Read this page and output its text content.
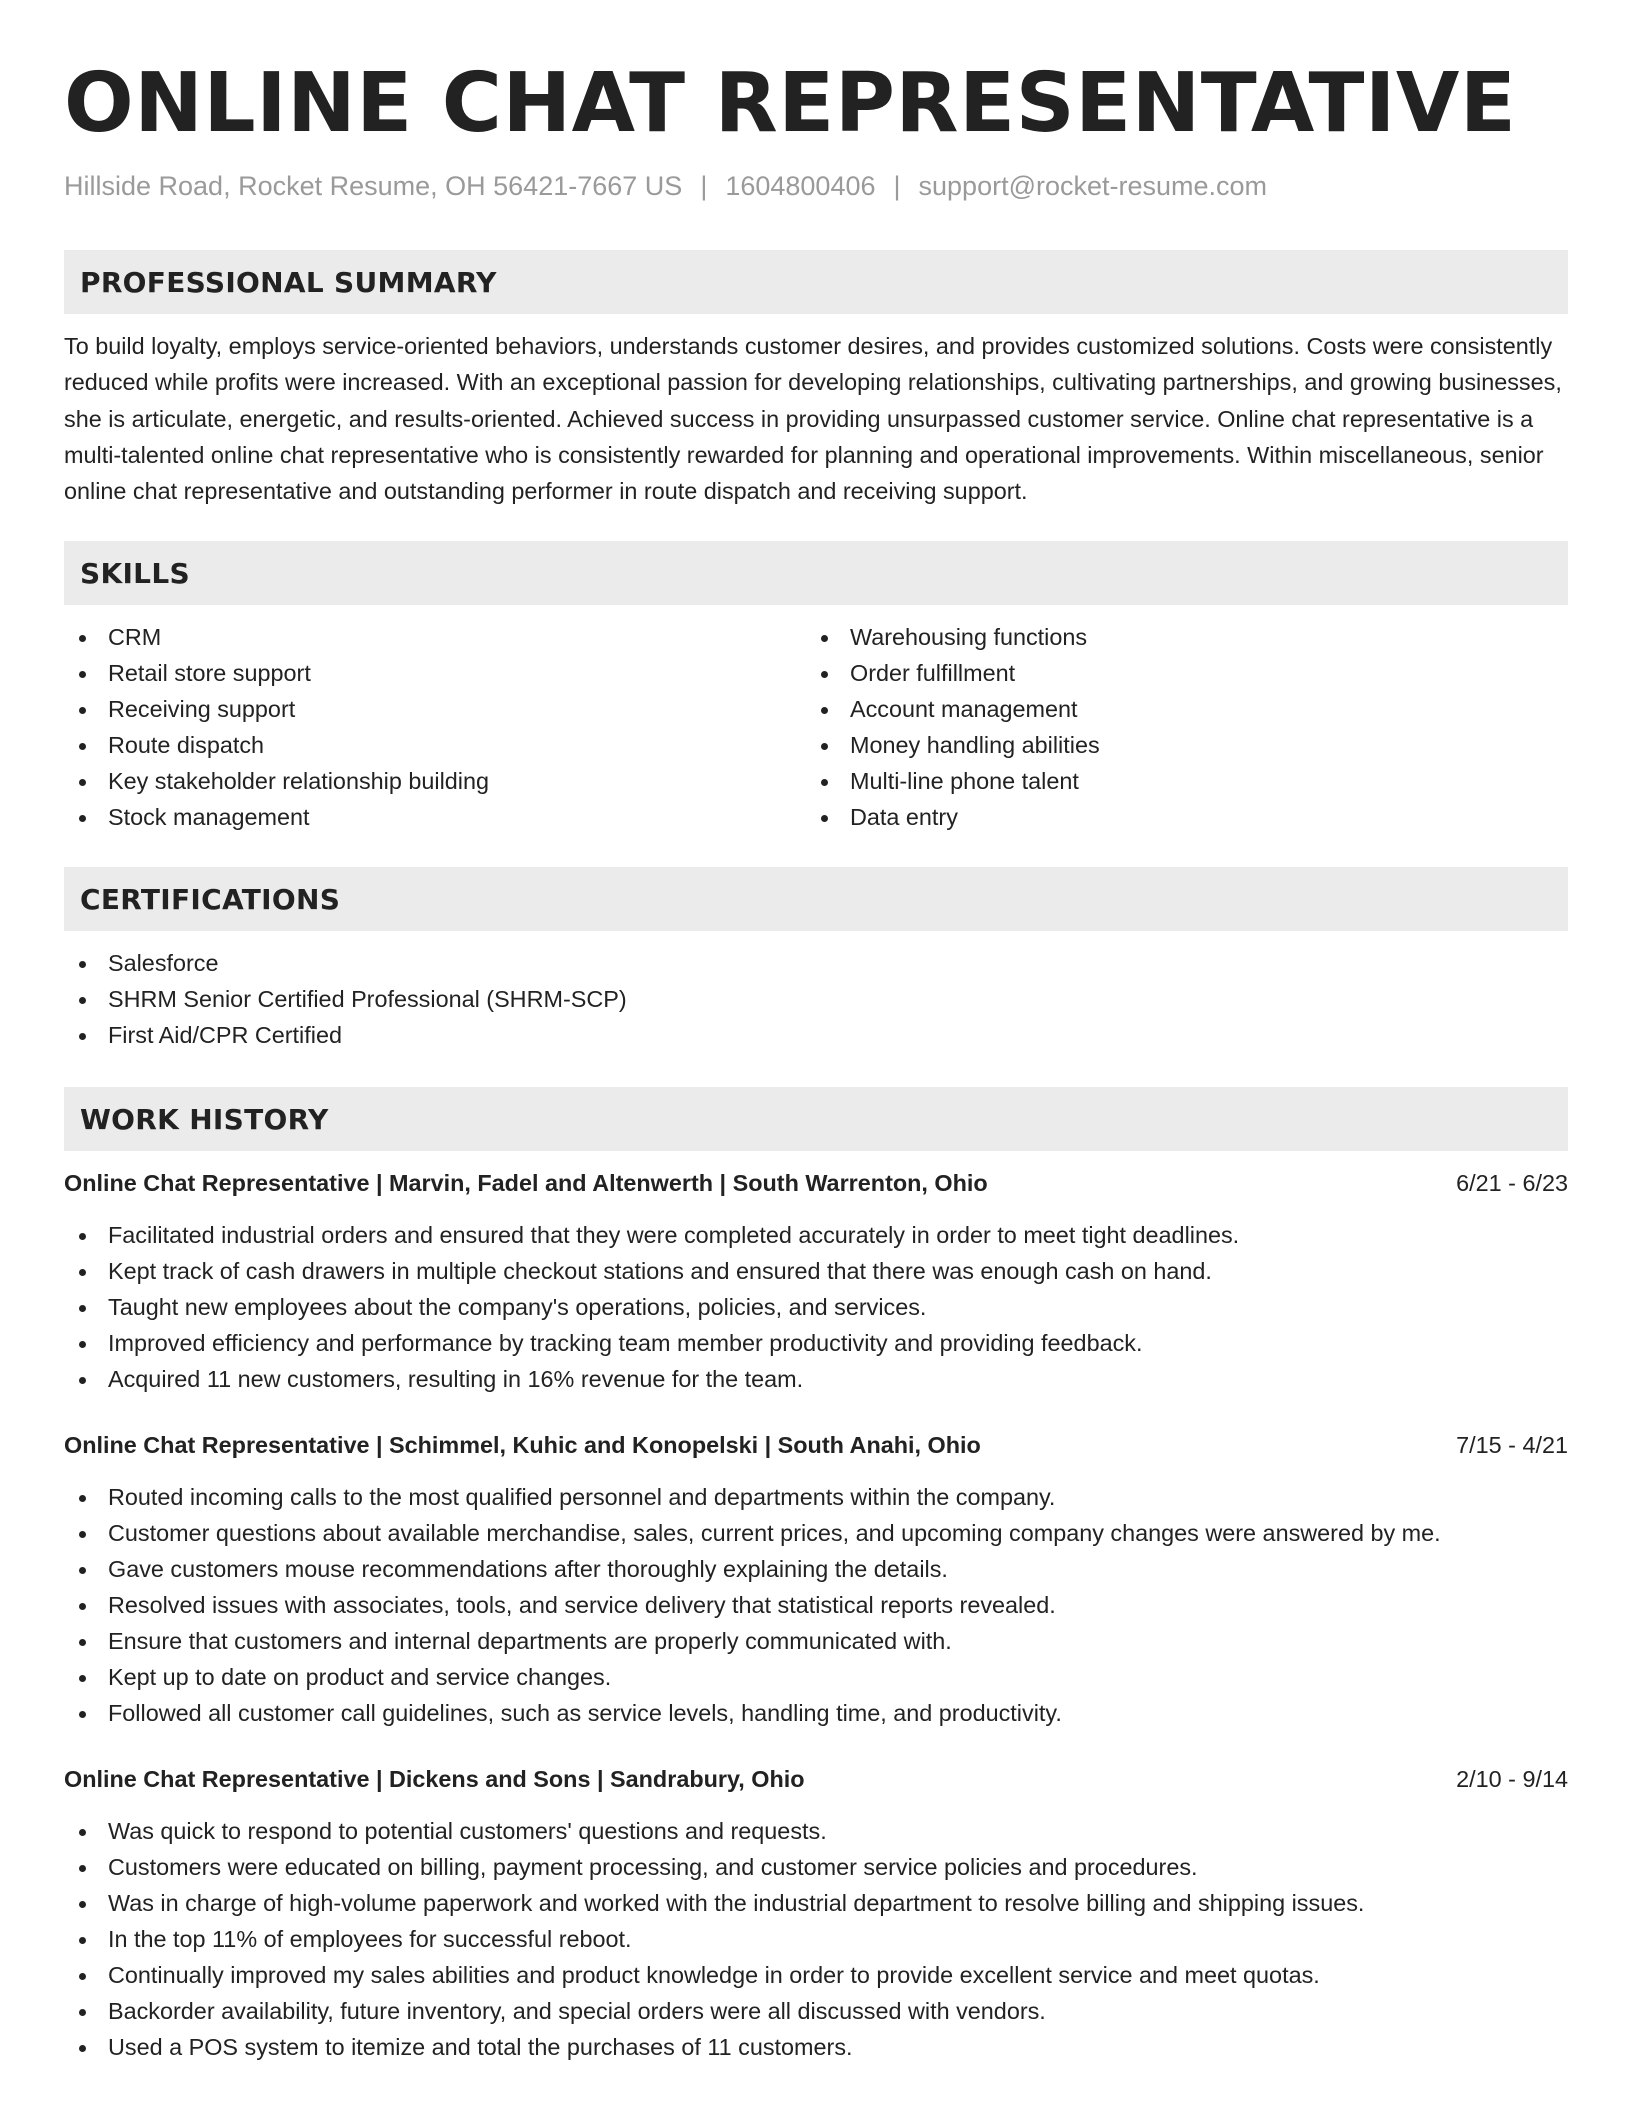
ONLINE CHAT REPRESENTATIVE
Hillside Road, Rocket Resume, OH 56421-7667 US | 1604800406 | support@rocket-resume.com
PROFESSIONAL SUMMARY

To build loyalty, employs service-oriented behaviors, understands customer desires, and provides customized solutions. Costs were consistently reduced while profits were increased. With an exceptional passion for developing relationships, cultivating partnerships, and growing businesses, she is articulate, energetic, and results-oriented. Achieved success in providing unsurpassed customer service. Online chat representative is a multi-talented online chat representative who is consistently rewarded for planning and operational improvements. Within miscellaneous, senior online chat representative and outstanding performer in route dispatch and receiving support.

SKILLS
CRM
Retail store support
Receiving support
Route dispatch
Key stakeholder relationship building
Stock management
Warehousing functions
Order fulfillment
Account management
Money handling abilities
Multi-line phone talent
Data entry
CERTIFICATIONS
Salesforce
SHRM Senior Certified Professional (SHRM-SCP)
First Aid/CPR Certified
WORK HISTORY
Online Chat Representative | Marvin, Fadel and Altenwerth | South Warrenton, Ohio	6/21 - 6/23
Facilitated industrial orders and ensured that they were completed accurately in order to meet tight deadlines.
Kept track of cash drawers in multiple checkout stations and ensured that there was enough cash on hand.
Taught new employees about the company's operations, policies, and services.
Improved efficiency and performance by tracking team member productivity and providing feedback.
Acquired 11 new customers, resulting in 16% revenue for the team.
Online Chat Representative | Schimmel, Kuhic and Konopelski | South Anahi, Ohio	7/15 - 4/21
Routed incoming calls to the most qualified personnel and departments within the company.
Customer questions about available merchandise, sales, current prices, and upcoming company changes were answered by me.
Gave customers mouse recommendations after thoroughly explaining the details.
Resolved issues with associates, tools, and service delivery that statistical reports revealed.
Ensure that customers and internal departments are properly communicated with.
Kept up to date on product and service changes.
Followed all customer call guidelines, such as service levels, handling time, and productivity.
Online Chat Representative | Dickens and Sons | Sandrabury, Ohio	2/10 - 9/14
Was quick to respond to potential customers' questions and requests.
Customers were educated on billing, payment processing, and customer service policies and procedures.
Was in charge of high-volume paperwork and worked with the industrial department to resolve billing and shipping issues.
In the top 11% of employees for successful reboot.
Continually improved my sales abilities and product knowledge in order to provide excellent service and meet quotas.
Backorder availability, future inventory, and special orders were all discussed with vendors.
Used a POS system to itemize and total the purchases of 11 customers.
